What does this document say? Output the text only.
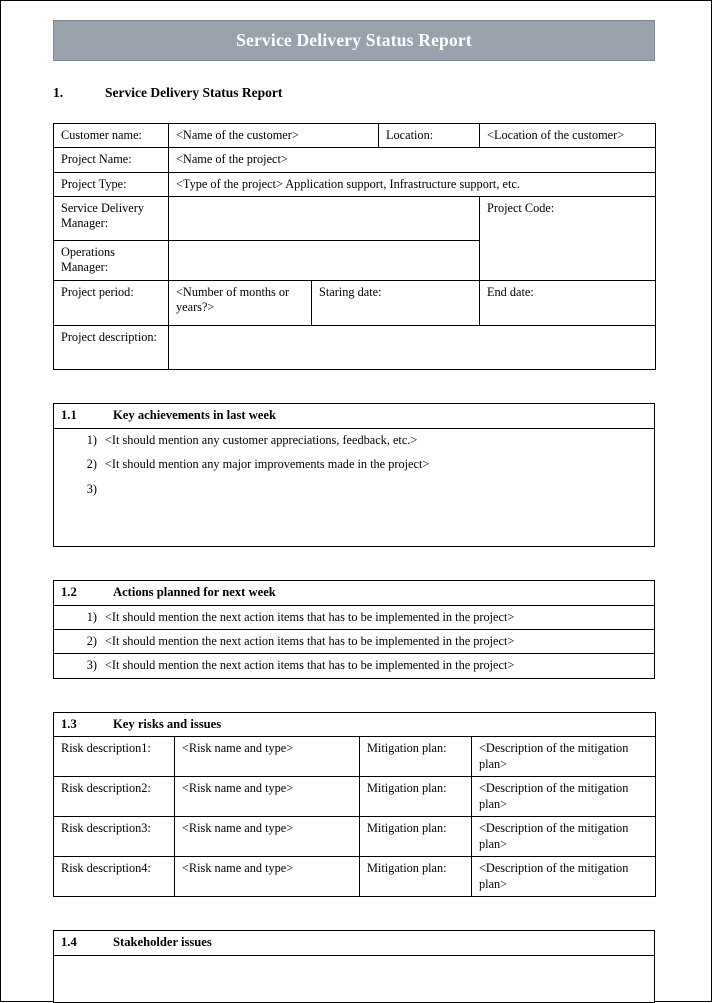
Service Delivery Status Report
1.	Service Delivery Status Report
Customer name:	<Name of the customer>		Location:	<Location of the customer>
Project Name:	<Name of the project>			
Project Type:	<Type of the project> Application support, Infrastructure support, etc.			
Service Delivery Manager:				Project Code:
Operations Manager:				
Project period:	<Number of months or years?>	Staring date:		End date:
Project description:				
1.1	Key achievements in last week

1) <It should mention any customer appreciations, feedback, etc.>
2) <It should mention any major improvements made in the project>
3)
1.2	Actions planned for next week

1) <It should mention the next action items that has to be implemented in the project>

2) <It should mention the next action items that has to be implemented in the project>

3) <It should mention the next action items that has to be implemented in the project>
1.3 Key risks and issues			
Risk description1:	<Risk name and type>	Mitigation plan:	<Description of the mitigation plan>
Risk description2:	<Risk name and type>	Mitigation plan:	<Description of the mitigation plan>
Risk description3:	<Risk name and type>	Mitigation plan:	<Description of the mitigation plan>
Risk description4:	<Risk name and type>	Mitigation plan:	<Description of the mitigation plan>
1.4	Stakeholder issues
